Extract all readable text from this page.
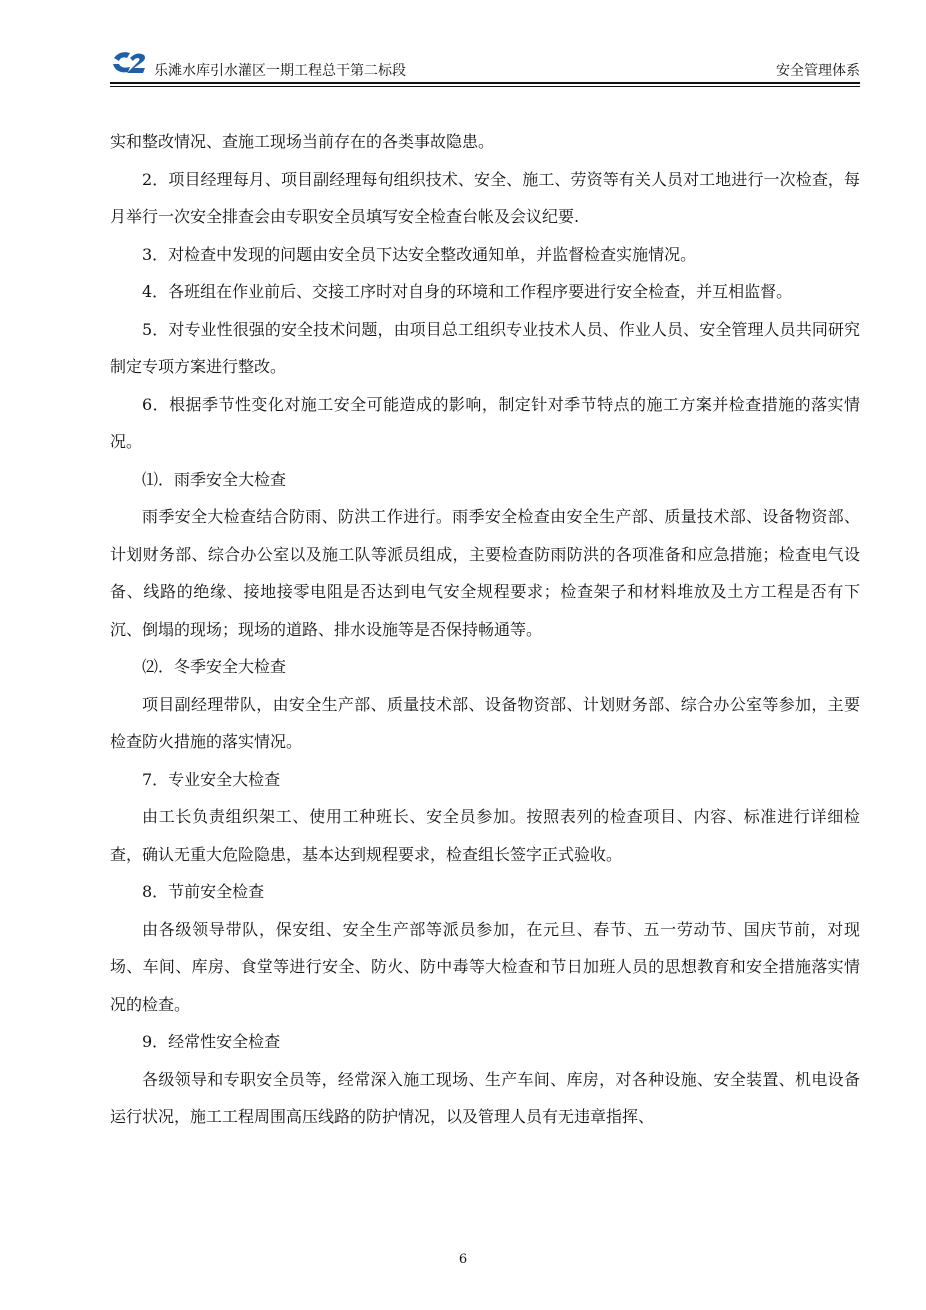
乐滩水库引水灌区一期工程总干第二标段	安全管理体系

实和整改情况、查施工现场当前存在的各类事故隐患。

2．项目经理每月、项目副经理每旬组织技术、安全、施工、劳资等有关人员对工地进行一次检查，每月举行一次安全排查会由专职安全员填写安全检查台帐及会议纪要.

3．对检查中发现的问题由安全员下达安全整改通知单，并监督检查实施情况。

4．各班组在作业前后、交接工序时对自身的环境和工作程序要进行安全检查，并互相监督。

5．对专业性很强的安全技术问题，由项目总工组织专业技术人员、作业人员、安全管理人员共同研究制定专项方案进行整改。

6．根据季节性变化对施工安全可能造成的影响，制定针对季节特点的施工方案并检查措施的落实情况。

⑴．雨季安全大检查

雨季安全大检查结合防雨、防洪工作进行。雨季安全检查由安全生产部、质量技术部、设备物资部、计划财务部、综合办公室以及施工队等派员组成，主要检查防雨防洪的各项准备和应急措施；检查电气设备、线路的绝缘、接地接零电阻是否达到电气安全规程要求；检查架子和材料堆放及土方工程是否有下沉、倒塌的现场；现场的道路、排水设施等是否保持畅通等。

⑵．冬季安全大检查

项目副经理带队，由安全生产部、质量技术部、设备物资部、计划财务部、综合办公室等参加，主要检查防火措施的落实情况。

7．专业安全大检查

由工长负责组织架工、使用工种班长、安全员参加。按照表列的检查项目、内容、标准进行详细检查，确认无重大危险隐患，基本达到规程要求，检查组长签字正式验收。

8．节前安全检查

由各级领导带队，保安组、安全生产部等派员参加，在元旦、春节、五一劳动节、国庆节前，对现场、车间、库房、食堂等进行安全、防火、防中毒等大检查和节日加班人员的思想教育和安全措施落实情况的检查。

9．经常性安全检查

各级领导和专职安全员等，经常深入施工现场、生产车间、库房，对各种设施、安全装置、机电设备运行状况，施工工程周围高压线路的防护情况，以及管理人员有无违章指挥、

6
